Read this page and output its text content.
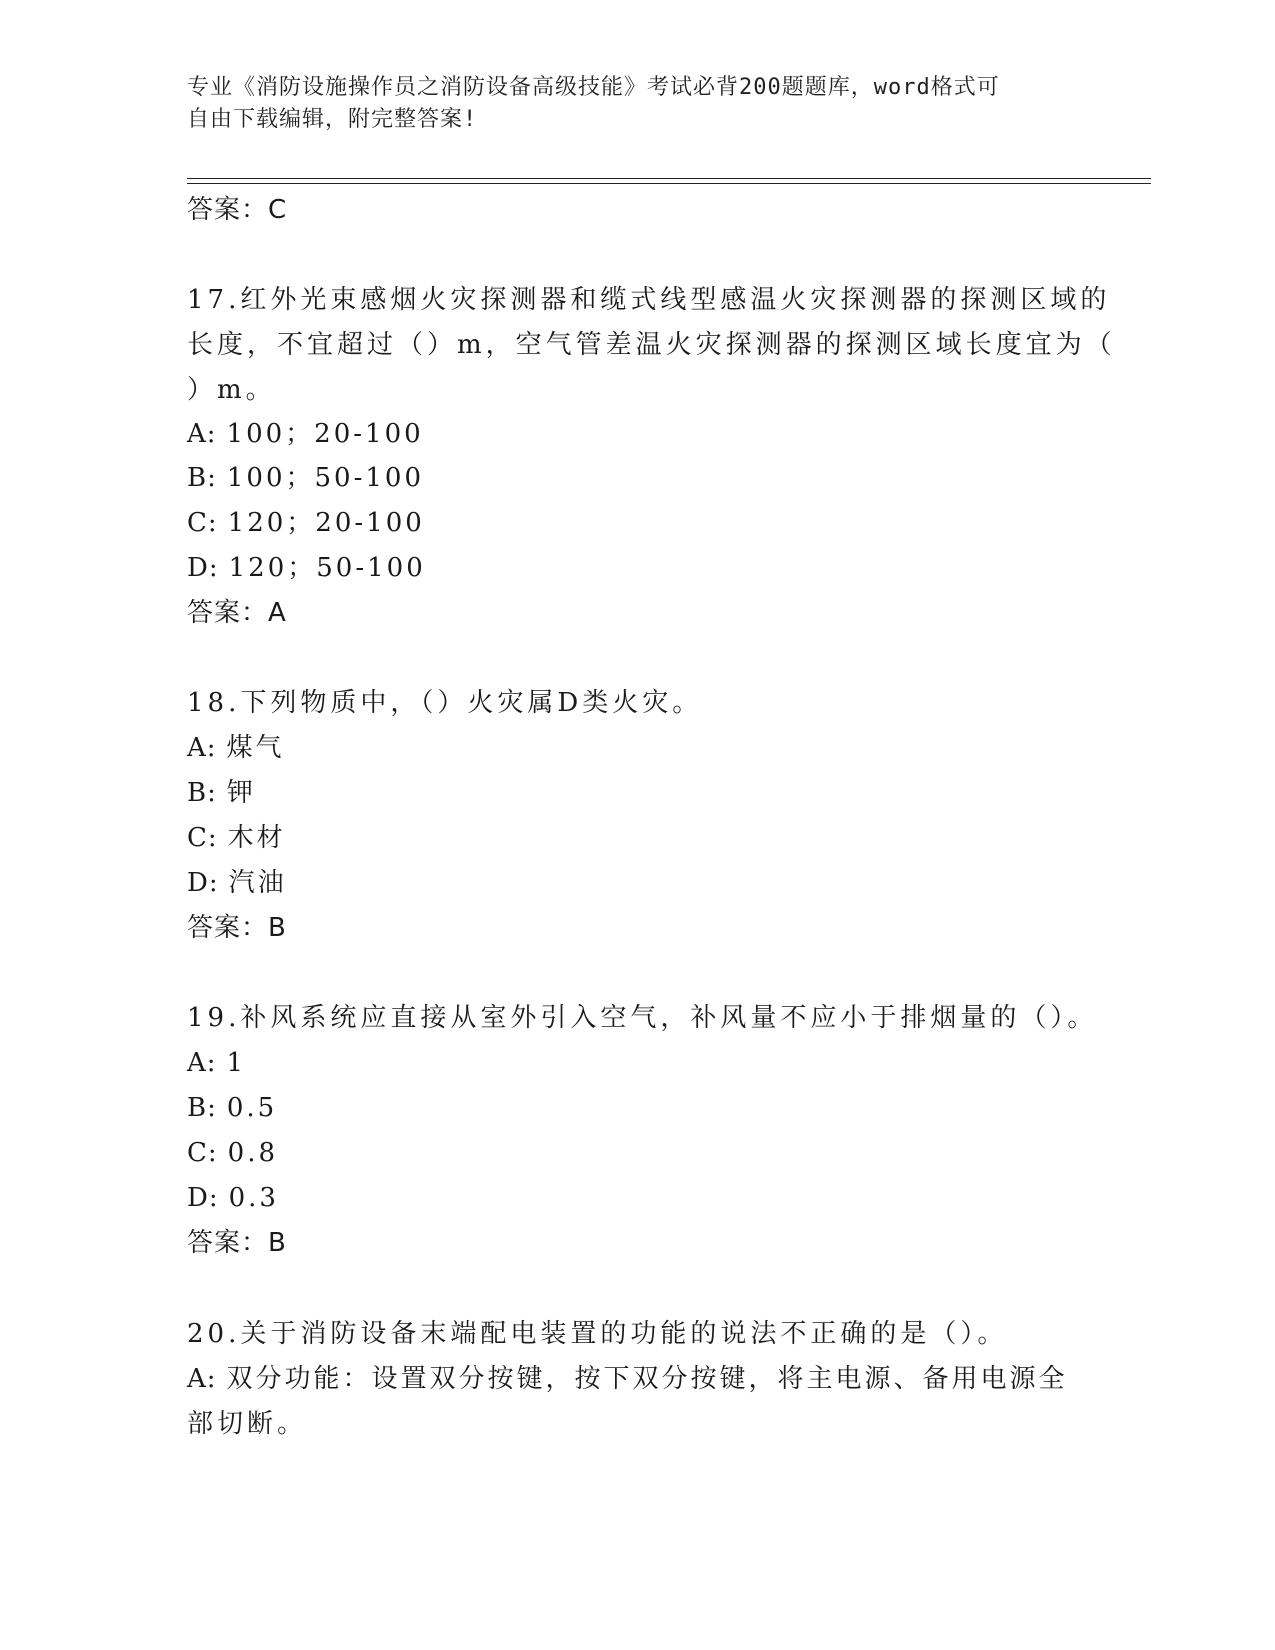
专业《消防设施操作员之消防设备高级技能》考试必背200题题库，word格式可
自由下载编辑，附完整答案!
答案：C
17.红外光束感烟火灾探测器和缆式线型感温火灾探测器的探测区域的
长度，不宜超过（）m，空气管差温火灾探测器的探测区域长度宜为（
）m。
A: 100；20-100
B: 100；50-100
C: 120；20-100
D: 120；50-100
答案：A
18.下列物质中，（）火灾属D类火灾。
A: 煤气
B: 钾
C: 木材
D: 汽油
答案：B
19.补风系统应直接从室外引入空气，补风量不应小于排烟量的（）。
A: 1
B: 0.5
C: 0.8
D: 0.3
答案：B
20.关于消防设备末端配电装置的功能的说法不正确的是（）。
A: 双分功能：设置双分按键，按下双分按键，将主电源、备用电源全
部切断。
